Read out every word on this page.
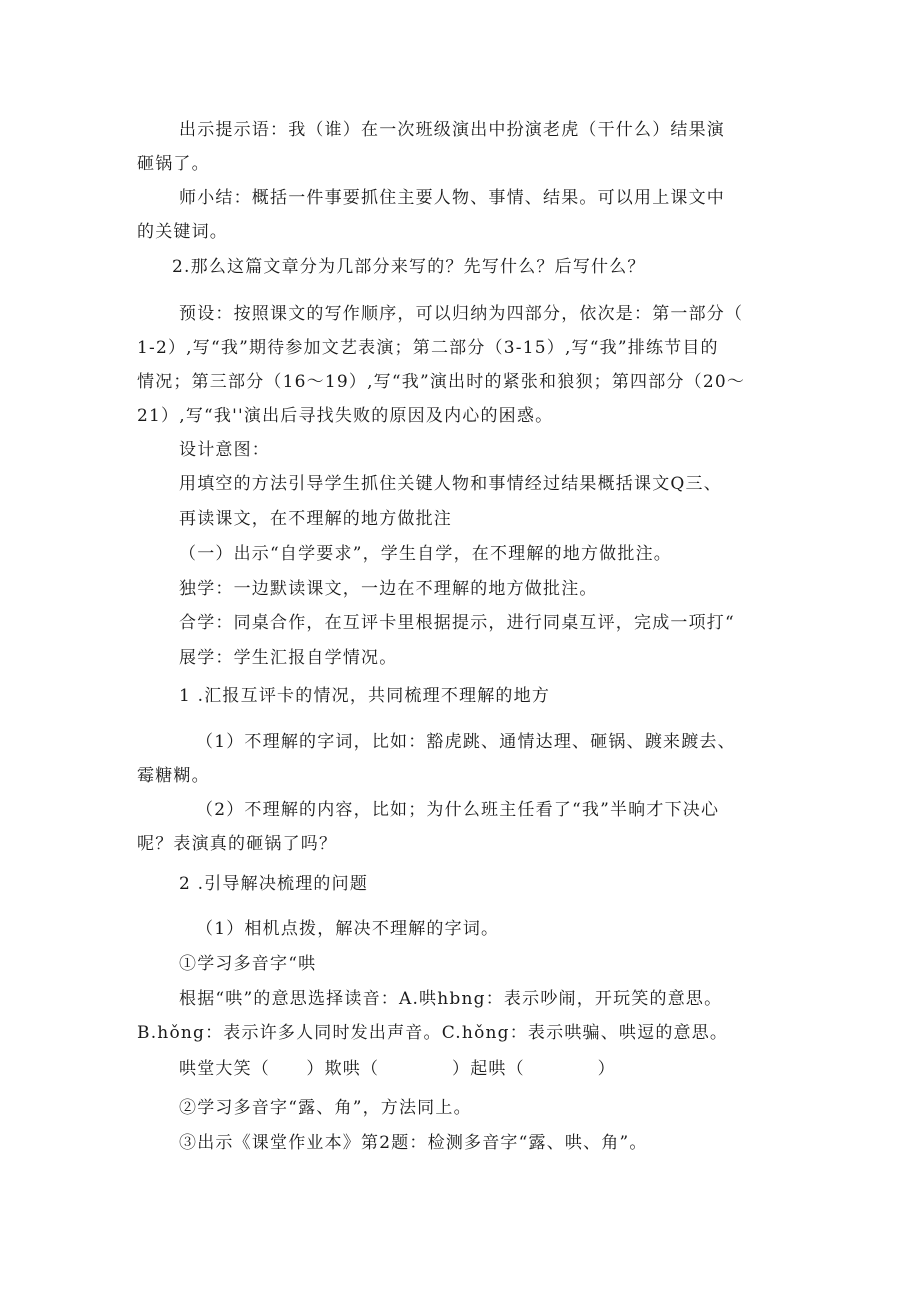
出示提示语：我（谁）在一次班级演出中扮演老虎（干什么）结果演
砸锅了。
师小结：概括一件事要抓住主要人物、事情、结果。可以用上课文中
的关键词。
2.那么这篇文章分为几部分来写的？先写什么？后写什么？
预设：按照课文的写作顺序，可以归纳为四部分，依次是：第一部分（
1-2）,写“我”期待参加文艺表演；第二部分（3-15）,写“我”排练节目的
情况；第三部分（16～19）,写“我”演出时的紧张和狼狈；第四部分（20～
21）,写“我''演出后寻找失败的原因及内心的困惑。
设计意图：
用填空的方法引导学生抓住关键人物和事情经过结果概括课文Q三、
再读课文，在不理解的地方做批注
（一）出示“自学要求”，学生自学，在不理解的地方做批注。
独学：一边默读课文，一边在不理解的地方做批注。
合学：同桌合作，在互评卡里根据提示，进行同桌互评，完成一项打“
展学：学生汇报自学情况。
1 .汇报互评卡的情况，共同梳理不理解的地方
（1）不理解的字词，比如：豁虎跳、通情达理、砸锅、踱来踱去、
霉糖糊。
（2）不理解的内容，比如；为什么班主任看了“我”半晌才下决心
呢？表演真的砸锅了吗？
2 .引导解决梳理的问题
（1）相机点拨，解决不理解的字词。
①学习多音字“哄
根据“哄”的意思选择读音：A.哄hbng：表示吵闹，开玩笑的意思。
B.hǒng：表示许多人同时发出声音。C.hǒng：表示哄骗、哄逗的意思。
哄堂大笑（　　）欺哄（　　　　）起哄（　　　　）
②学习多音字“露、角”，方法同上。
③出示《课堂作业本》第2题：检测多音字“露、哄、角”。
